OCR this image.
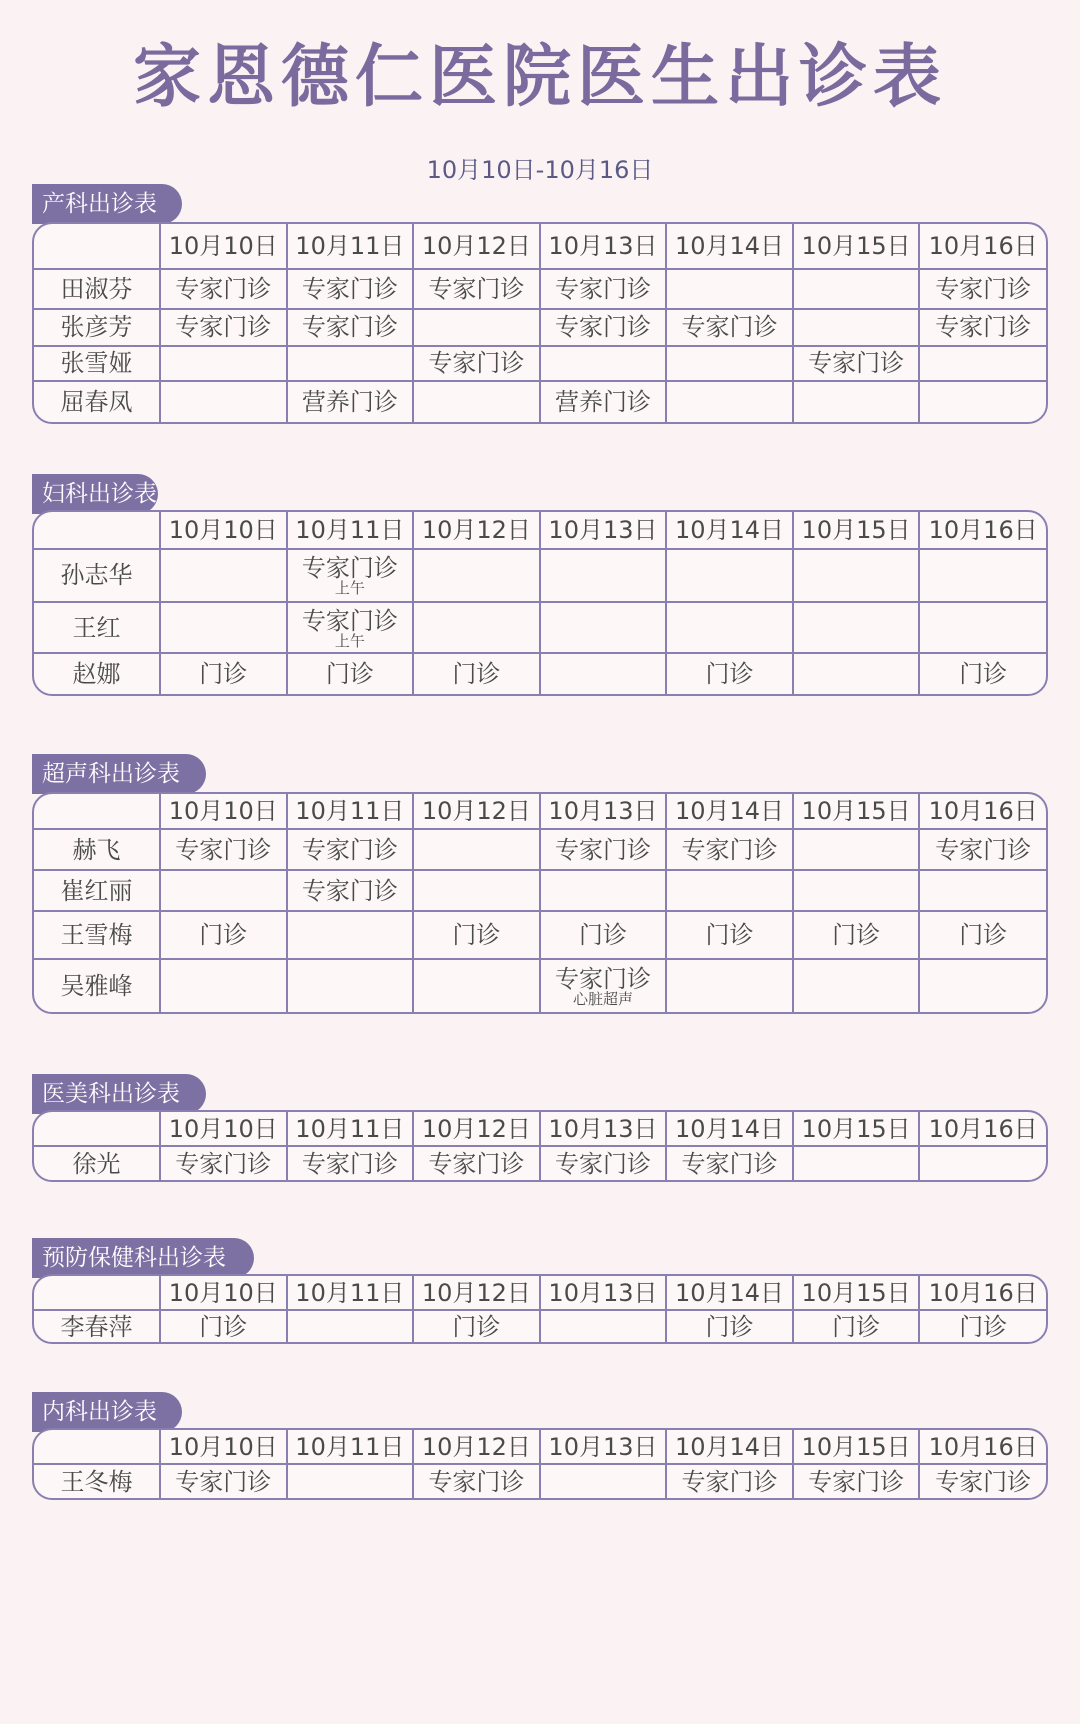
家恩德仁医院医生出诊表
10月10日-10月16日
产科出诊表
	10月10日	10月11日	10月12日	10月13日	10月14日	10月15日	10月16日
田淑芬	专家门诊	专家门诊	专家门诊	专家门诊			专家门诊
张彦芳	专家门诊	专家门诊		专家门诊	专家门诊		专家门诊
张雪娅			专家门诊			专家门诊	
屈春凤		营养门诊		营养门诊			
妇科出诊表
	10月10日	10月11日	10月12日	10月13日	10月14日	10月15日	10月16日
孙志华		专家门诊
上午					

王红		专家门诊
上午					

赵娜	门诊	门诊	门诊		门诊		门诊
超声科出诊表
	10月10日	10月11日	10月12日	10月13日	10月14日	10月15日	10月16日
赫飞	专家门诊	专家门诊		专家门诊	专家门诊		专家门诊
崔红丽		专家门诊					
王雪梅	门诊		门诊	门诊	门诊	门诊	门诊
吴雅峰				专家门诊
心脏超声			

医美科出诊表
	10月10日	10月11日	10月12日	10月13日	10月14日	10月15日	10月16日
徐光	专家门诊	专家门诊	专家门诊	专家门诊	专家门诊		
预防保健科出诊表
	10月10日	10月11日	10月12日	10月13日	10月14日	10月15日	10月16日
李春萍	门诊		门诊		门诊	门诊	门诊
内科出诊表
	10月10日	10月11日	10月12日	10月13日	10月14日	10月15日	10月16日
王冬梅	专家门诊		专家门诊		专家门诊	专家门诊	专家门诊
